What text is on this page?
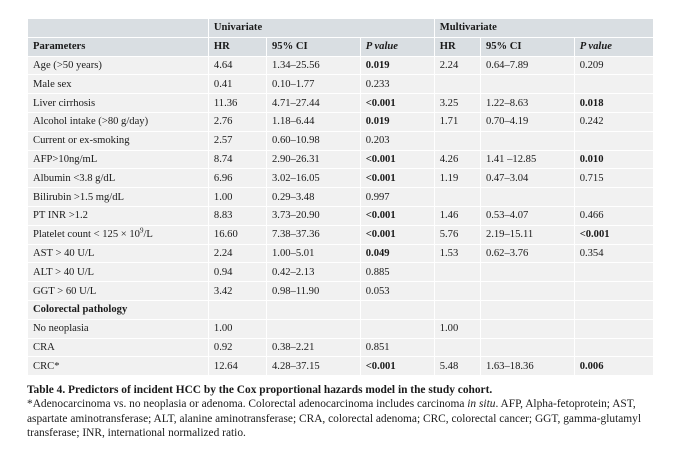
	Univariate			Multivariate		
Parameters	HR	95% CI	P value	HR	95% CI	P value
Age (>50 years)	4.64	1.34–25.56	0.019	2.24	0.64–7.89	0.209
Male sex	0.41	0.10–1.77	0.233			
Liver cirrhosis	11.36	4.71–27.44	<0.001	3.25	1.22–8.63	0.018
Alcohol intake (>80 g/day)	2.76	1.18–6.44	0.019	1.71	0.70–4.19	0.242
Current or ex-smoking	2.57	0.60–10.98	0.203			
AFP>10ng/mL	8.74	2.90–26.31	<0.001	4.26	1.41 –12.85	0.010
Albumin <3.8 g/dL	6.96	3.02–16.05	<0.001	1.19	0.47–3.04	0.715
Bilirubin >1.5 mg/dL	1.00	0.29–3.48	0.997			
PT INR >1.2	8.83	3.73–20.90	<0.001	1.46	0.53–4.07	0.466
Platelet count < $125 \times 10^9/L$	16.60	7.38–37.36	<0.001	5.76	2.19–15.11	<0.001
AST > 40 U/L	2.24	1.00–5.01	0.049	1.53	0.62–3.76	0.354
ALT > 40 U/L	0.94	0.42–2.13	0.885			
GGT > 60 U/L	3.42	0.98–11.90	0.053			
Colorectal pathology						
No neoplasia	1.00			1.00		
CRA	0.92	0.38–2.21	0.851			
CRC*	12.64	4.28–37.15	<0.001	5.48	1.63–18.36	0.006

Table 4. Predictors of incident HCC by the Cox proportional hazards model in the study cohort.
*Adenocarcinoma vs. no neoplasia or adenoma. Colorectal adenocarcinoma includes carcinoma in situ. AFP, Alpha-fetoprotein; AST, aspartate aminotransferase; ALT, alanine aminotransferase; CRA, colorectal adenoma; CRC, colorectal cancer; GGT, gamma-glutamyl transferase; INR, international normalized ratio.
